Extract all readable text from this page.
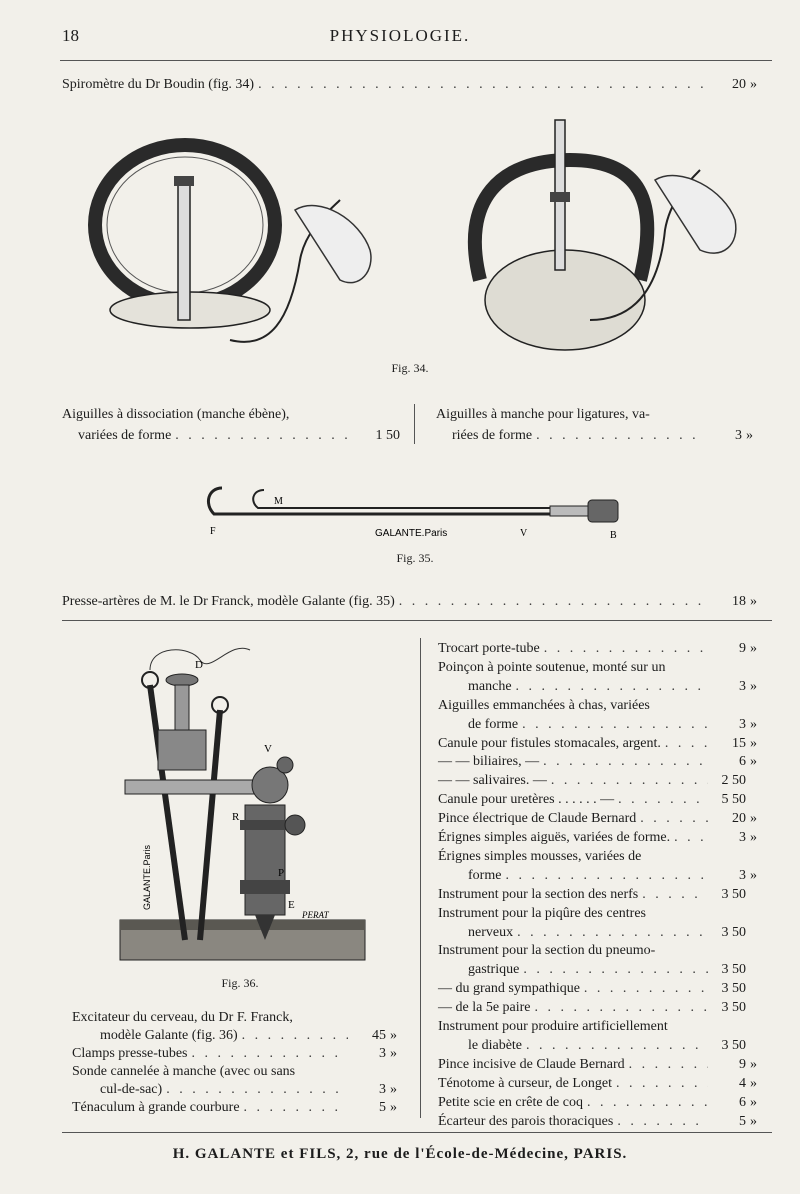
18	PHYSIOLOGIE.
Spiromètre du Dr Boudin (fig. 34) . . .	20 »
Fig. 34.
Aiguilles à dissociation (manche ébène),
variées de forme . . .	1 50
Aiguilles à manche pour ligatures, va-
riées de forme . . .	3 »
F
M
GALANTE.Paris	V	B
Fig. 35.
Presse-artères de M. le Dr Franck, modèle Galante (fig. 35) . . .	18 »
D
V
R
P
E
PERAT
GALANTE.Paris
Fig. 36.
Excitateur du cerveau, du Dr F. Franck,
modèle Galante (fig. 36) . . .	45 »
Clamps presse-tubes . . .	3 »
Sonde cannelée à manche (avec ou sans
cul-de-sac) . . .	3 »
Ténaculum à grande courbure . . .	5 »
Trocart porte-tube . . .	9 »
Poinçon à pointe soutenue, monté sur un
manche . . .	3 »
Aiguilles emmanchées à chas, variées
de forme . . .	3 »
Canule pour fistules stomacales, argent. . . .	15 »
— — biliaires, — . . .	6 »
— — salivaires. — . . .	2 50
Canule pour uretères . . . . . . — . . .	5 50
Pince électrique de Claude Bernard . . .	20 »
Érignes simples aiguës, variées de forme. . . .	3 »
Érignes simples mousses, variées de
forme . . .	3 »
Instrument pour la section des nerfs . . .	3 50
Instrument pour la piqûre des centres
nerveux . . .	3 50
Instrument pour la section du pneumo-
gastrique . . .	3 50
— du grand sympathique . . .	3 50
— de la 5e paire . . .	3 50
Instrument pour produire artificiellement
le diabète . . .	3 50
Pince incisive de Claude Bernard . . .	9 »
Ténotome à curseur, de Longet . . .	4 »
Petite scie en crête de coq . . .	6 »
Écarteur des parois thoraciques . . .	5 »
H. GALANTE et FILS, 2, rue de l'École-de-Médecine, PARIS.
